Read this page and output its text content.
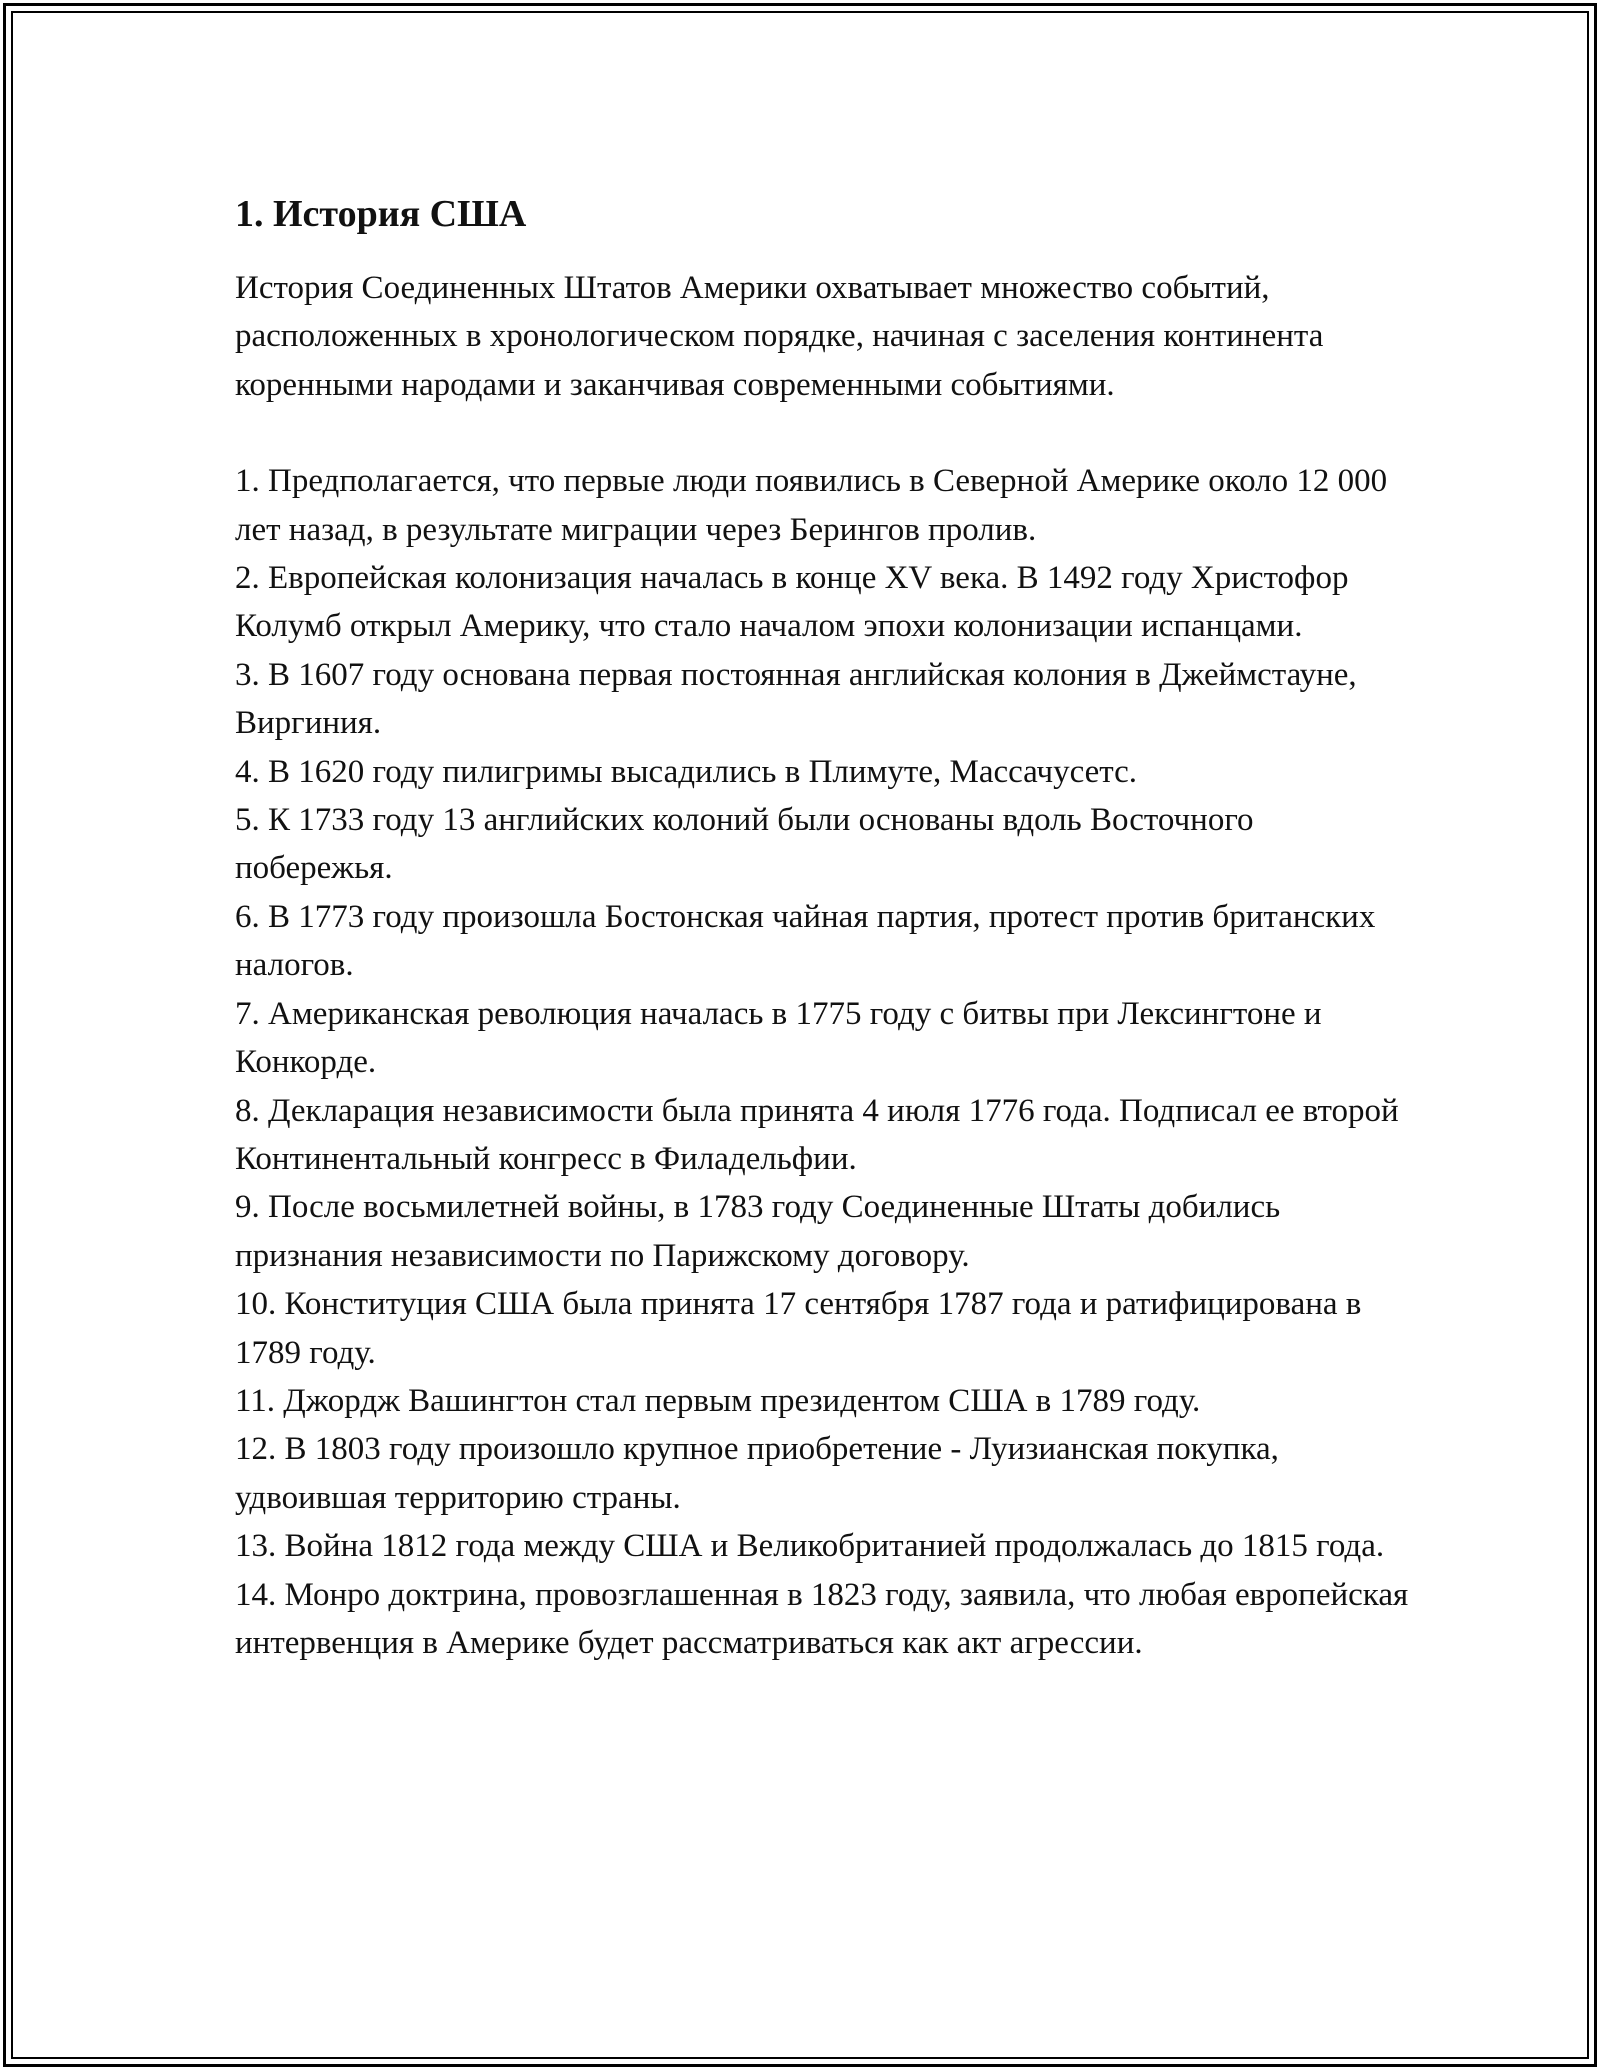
1. История США

История Соединенных Штатов Америки охватывает множество событий, расположенных в хронологическом порядке, начиная с заселения континента коренными народами и заканчивая современными событиями.

1. Предполагается, что первые люди появились в Северной Америке около 12 000 лет назад, в результате миграции через Берингов пролив.

2. Европейская колонизация началась в конце XV века. В 1492 году Христофор Колумб открыл Америку, что стало началом эпохи колонизации испанцами.

3. В 1607 году основана первая постоянная английская колония в Джеймстауне, Виргиния.

4. В 1620 году пилигримы высадились в Плимуте, Массачусетс.

5. К 1733 году 13 английских колоний были основаны вдоль Восточного побережья.

6. В 1773 году произошла Бостонская чайная партия, протест против британских налогов.

7. Американская революция началась в 1775 году с битвы при Лексингтоне и Конкорде.

8. Декларация независимости была принята 4 июля 1776 года. Подписал ее второй Континентальный конгресс в Филадельфии.

9. После восьмилетней войны, в 1783 году Соединенные Штаты добились признания независимости по Парижскому договору.

10. Конституция США была принята 17 сентября 1787 года и ратифицирована в 1789 году.

11. Джордж Вашингтон стал первым президентом США в 1789 году.

12. В 1803 году произошло крупное приобретение - Луизианская покупка, удвоившая территорию страны.

13. Война 1812 года между США и Великобританией продолжалась до 1815 года.

14. Монро доктрина, провозглашенная в 1823 году, заявила, что любая европейская интервенция в Америке будет рассматриваться как акт агрессии.
